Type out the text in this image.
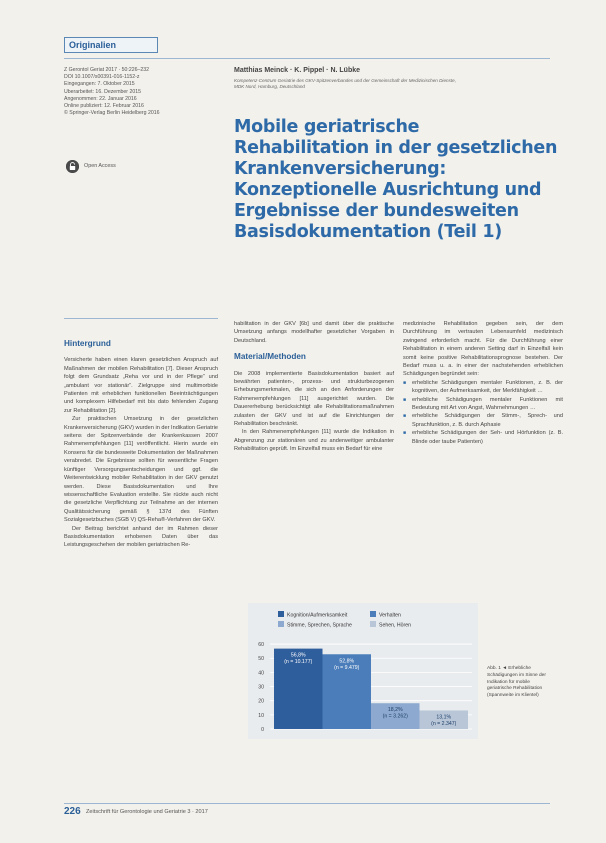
Originalien
Z Gerontol Geriat 2017 · 50:226–232
DOI 10.1007/s00391-016-1152-z
Eingegangen: 7. Oktober 2015
Überarbeitet: 16. Dezember 2015
Angenommen: 22. Januar 2016
Online publiziert: 12. Februar 2016
© Springer-Verlag Berlin Heidelberg 2016
Open Access
Matthias Meinck · K. Pippel · N. Lübke
Kompetenz-Centrum Geriatrie des GKV-Spitzenverbandes und der Gemeinschaft der Medizinischen Dienste,
MDK Nord, Hamburg, Deutschland
Mobile geriatrische
Rehabilitation in der gesetzlichen
Krankenversicherung:
Konzeptionelle Ausrichtung und
Ergebnisse der bundesweiten
Basisdokumentation (Teil 1)
Hintergrund

Versicherte haben einen klaren gesetzlichen Anspruch auf Maßnahmen der mobilen Rehabilitation [7]. Dieser Anspruch folgt dem Grundsatz „Reha vor und in der Pflege“ und „ambulant vor stationär“. Zielgruppe sind multimorbide Patienten mit erheblichen funktionellen Beeinträchtigungen und komplexem Hilfebedarf mit bis dato fehlenden Zugang zur Rehabilitation [2].

Zur praktischen Umsetzung in der gesetzlichen Krankenversicherung (GKV) wurden in der Indikation Geriatrie seitens der Spitzenverbände der Krankenkassen 2007 Rahmenempfehlungen [11] veröffentlicht. Hierin wurde ein Konsens für die bundesweite Dokumentation der Maßnahmen verabredet. Die Ergebnisse sollten für wesentliche Fragen künftiger Versorgungsentscheidungen und ggf. die Weiterentwicklung mobiler Rehabilitation in der GKV genutzt werden. Diese Basisdokumentation und Ihre wissenschaftliche Evaluation erstellte. Sie rückte auch nicht die gesetzliche Verpflichtung zur Teilnahme an der internen Qualitätssicherung gemäß § 137d des Fünften Sozialgesetzbuches (SGB V) QS-Reha®-Verfahren der GKV.

Der Beitrag berichtet anhand der im Rahmen dieser Basisdokumentation erhobenen Daten über das Leistungsgeschehen der mobilen geriatrischen Re-

habilitation in der GKV [6b] und damit über die praktische Umsetzung anfangs modellhafter gesetzlicher Vorgaben in Deutschland.

Material/Methoden

Die 2008 implementierte Basisdokumentation basiert auf bewährten patienten-, prozess- und strukturbezogenen Erhebungsmerkmalen, die sich an den Anforderungen der Rahmenempfehlungen [11] ausgerichtet wurden. Die Dauererhebung berücksichtigt alle Rehabilitationsmaßnahmen zulasten der GKV und ist auf die Einrichtungen der Rehabilitation beschränkt.

In den Rahmenempfehlungen [11] wurde die Indikation in Abgrenzung zur stationären und zu anderweitiger ambulanter Rehabilitation geprüft. Im Einzelfall muss ein Bedarf für eine

medizinische Rehabilitation gegeben sein, der dem Durchführung im vertrauten Lebensumfeld medizinisch zwingend erforderlich macht. Für die Durchführung einer Rehabilitation in einem anderen Setting darf in Einzelfall kein somit keine positive Rehabilitationsprognose bestehen. Der Bedarf muss u. a. in einer der nachstehenden erheblichen Schädigungen begründet sein:

■ erhebliche Schädigungen mentaler Funktionen, z. B. der kognitiven, der Aufmerksamkeit, der Merkfähigkeit …
■ erhebliche Schädigungen mentaler Funktionen mit Bedeutung mit Art von Angst, Wahrnehmungen …
■ erhebliche Schädigungen der Stimm-, Sprech- und Sprachfunktion, z. B. durch Aphasie
■ erhebliche Schädigungen der Seh- und Hörfunktion (z. B. Blinde oder taube Patienten)
Kognition/Aufmerksamkeit	Verhalten
Stimme, Sprechen, Sprache	Sehen, Hören
0
10
20
30
40
50
60
56,8%
(n = 10.177)	52,8%
(n = 9.479)
18,2%
(n = 3.262)	13,1%
(n = 2.347)
Abb. 1 ◄ Erhebliche Schädigungen im Sinne der Indikation für mobile geriatrische Rehabilitation (Spannweite im Klientel)
226 Zeitschrift für Gerontologie und Geriatrie 3 · 2017
